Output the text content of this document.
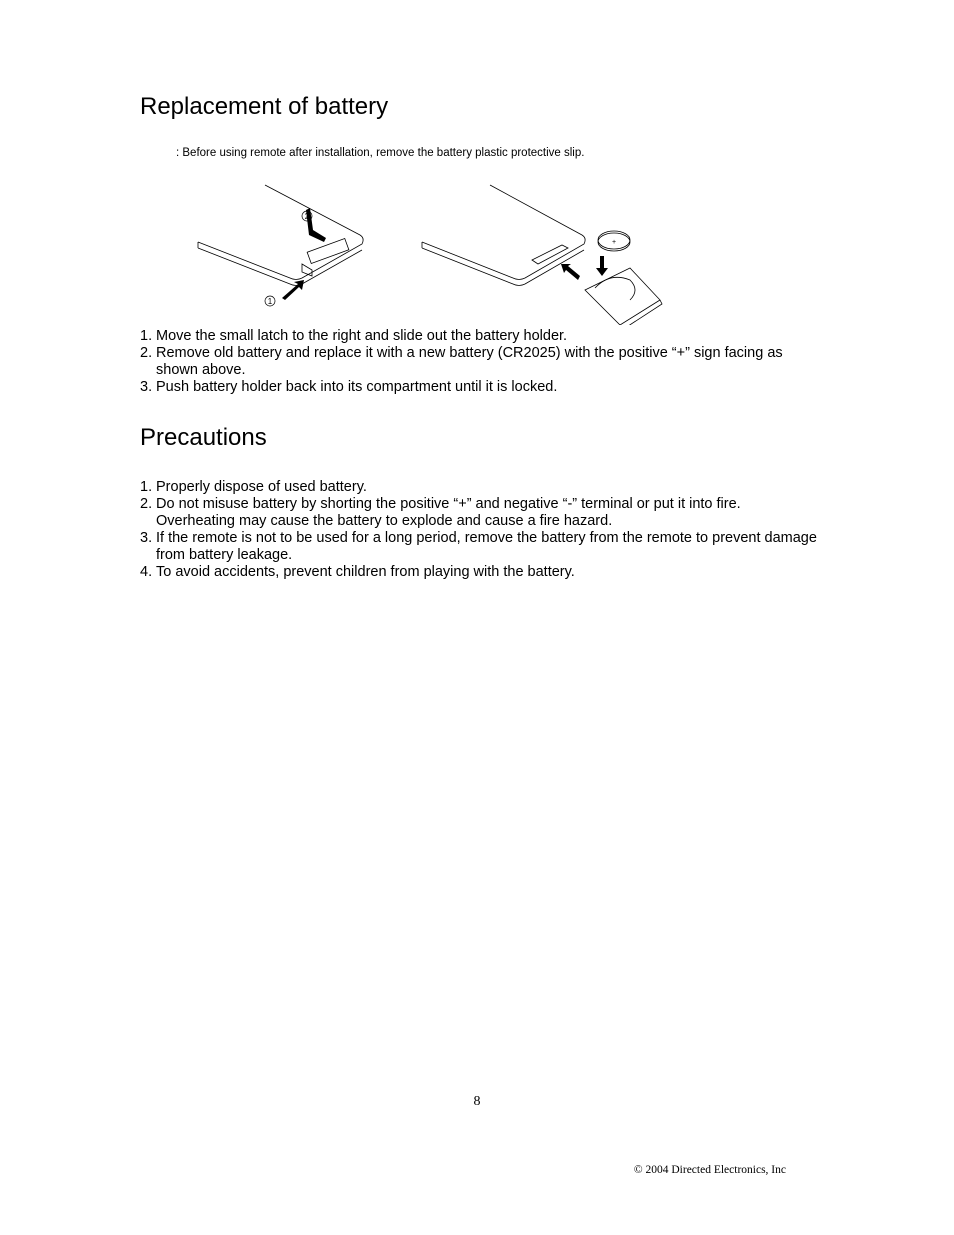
Replacement of battery
: Before using remote after installation, remove the battery plastic protective slip.
2
1
+
1. Move the small latch to the right and slide out the battery holder.
2. Remove old battery and replace it with a new battery (CR2025) with the positive “+” sign facing as shown above.
3. Push battery holder back into its compartment until it is locked.
Precautions
1. Properly dispose of used battery.
2. Do not misuse battery by shorting the positive “+” and negative “-” terminal or put it into fire. Overheating may cause the battery to explode and cause a fire hazard.
3. If the remote is not to be used for a long period, remove the battery from the remote to prevent damage from battery leakage.
4. To avoid accidents, prevent children from playing with the battery.
8
© 2004 Directed Electronics, Inc
